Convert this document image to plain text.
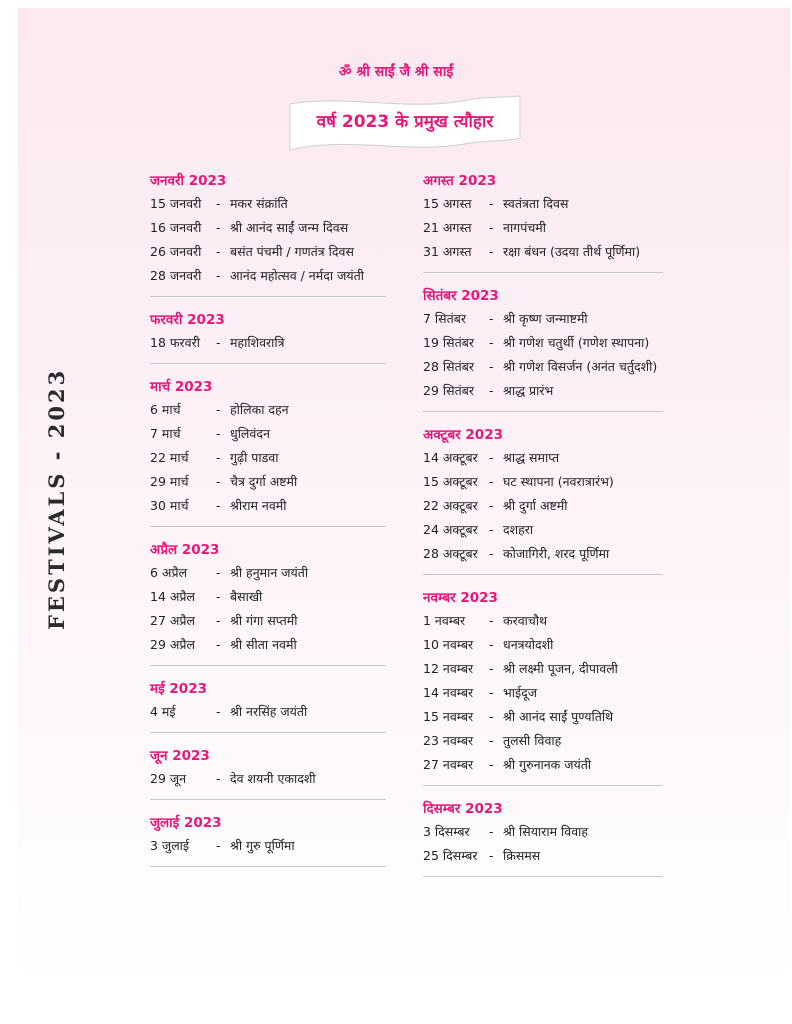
FESTIVALS - 2023
ॐ श्री साईं जै श्री साईं
वर्ष 2023 के प्रमुख त्यौहार
जनवरी 2023
15 जनवरी	- मकर संक्रांति
16 जनवरी	- श्री आनंद साईं जन्म दिवस
26 जनवरी	- बसंत पंचमी / गणतंत्र दिवस
28 जनवरी	- आनंद महोत्सव / नर्मदा जयंती
फरवरी 2023
18 फरवरी	- महाशिवरात्रि
मार्च 2023
6 मार्च	- होलिका दहन
7 मार्च	- धुलिवंदन
22 मार्च	- गुढ़ी पाडवा
29 मार्च	- चैत्र दुर्गा अष्टमी
30 मार्च	- श्रीराम नवमी
अप्रैल 2023
6 अप्रैल	- श्री हनुमान जयंती
14 अप्रैल	- बैसाखी
27 अप्रैल	- श्री गंगा सप्तमी
29 अप्रैल	- श्री सीता नवमी
मई 2023
4 मई	- श्री नरसिंह जयंती
जून 2023
29 जून	- देव शयनी एकादशी
जुलाई 2023
3 जुलाई	- श्री गुरु पूर्णिमा
अगस्त 2023
15 अगस्त	- स्वतंत्रता दिवस
21 अगस्त	- नागपंचमी
31 अगस्त	- रक्षा बंधन (उदया तीर्थ पूर्णिमा)
सितंबर 2023
7 सितंबर	- श्री कृष्ण जन्माष्टमी
19 सितंबर	- श्री गणेश चतुर्थी (गणेश स्थापना)
28 सितंबर	- श्री गणेश विसर्जन (अनंत चर्तुदशी)
29 सितंबर	- श्राद्ध प्रारंभ
अक्टूबर 2023
14 अक्टूबर - श्राद्ध समाप्त
15 अक्टूबर - घट स्थापना (नवरात्रारंभ)
22 अक्टूबर - श्री दुर्गा अष्टमी
24 अक्टूबर - दशहरा
28 अक्टूबर - कोजागिरी, शरद पूर्णिमा
नवम्बर 2023
1 नवम्बर	- करवाचौथ
10 नवम्बर	- धनत्रयोदशी
12 नवम्बर	- श्री लक्ष्मी पूजन, दीपावली
14 नवम्बर	- भाईदूज
15 नवम्बर	- श्री आनंद साईं पुण्यतिथि
23 नवम्बर	- तुलसी विवाह
27 नवम्बर	- श्री गुरुनानक जयंती
दिसम्बर 2023
3 दिसम्बर	- श्री सियाराम विवाह
25 दिसम्बर - क्रिसमस
